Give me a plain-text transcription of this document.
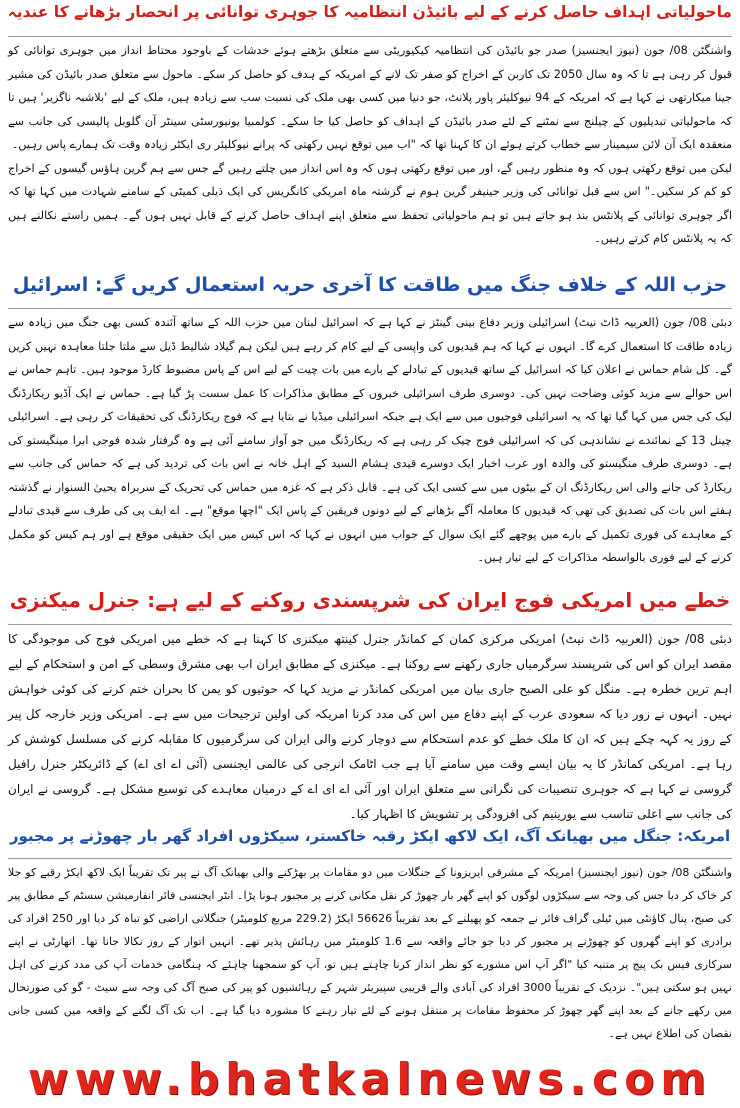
ماحولیاتی اہداف حاصل کرنے کے لیے بائیڈن انتظامیہ کا جوہری توانائی پر انحصار بڑھانے کا عندیہ

واشنگٹن 08/ جون (نیوز ایجنسیز) صدر جو بائیڈن کی انتظامیہ کیکیوریٹی سے متعلق بڑھتے ہوئے خدشات کے باوجود محتاط انداز میں جوہری توانائی کو قبول کر رہی ہے تا کہ وہ سال 2050 تک کاربن کے اخراج کو صفر تک لانے کے امریکہ کے ہدف کو حاصل کر سکے۔ ماحول سے متعلق صدر بائیڈن کی مشیر جینا میکارتھی نے کہا ہے کہ امریکہ کے 94 نیوکلیئر پاور پلانٹ، جو دنیا میں کسی بھی ملک کی نسبت سب سے زیادہ ہیں، ملک کے لیے 'بلاشبہ ناگزیر' ہیں تا کہ ماحولیاتی تبدیلیوں کے چیلنج سے نمٹنے کے لئے صدر بائیڈن کے اہداف کو حاصل کیا جا سکے۔ کولمبیا یونیورسٹی سینٹر آن گلوبل پالیسی کی جانب سے منعقدہ ایک آن لائن سیمینار سے خطاب کرتے ہوئے ان کا کہنا تھا کہ "اب میں توقع نہیں رکھتی کہ پرانے نیوکلیئر ری ایکٹر زیادہ وقت تک ہمارے پاس رہیں۔

لیکن میں توقع رکھتی ہوں کہ وہ منظور رہیں گے، اور میں توقع رکھتی ہوں کہ وہ اس انداز میں چلتے رہیں گے جس سے ہم گرین ہاؤس گیسوں کے اخراج کو کم کر سکیں۔" اس سے قبل توانائی کی وزیر جینیفر گرین ہوم نے گزشتہ ماہ امریکی کانگریس کی ایک ذیلی کمیٹی کے سامنے شہادت میں کہا تھا کہ اگر جوہری توانائی کے پلانٹس بند ہو جاتے ہیں تو ہم ماحولیاتی تحفظ سے متعلق اپنے اہداف حاصل کرنے کے قابل نہیں ہوں گے۔ ہمیں راستے نکالنے ہیں کہ یہ پلانٹس کام کرتے رہیں۔

حزب اللہ کے خلاف جنگ میں طاقت کا آخری حربہ استعمال کریں گے: اسرائیل

دبئی 08/ جون (العربیہ ڈاٹ نیٹ) اسرائیلی وزیر دفاع بینی گینٹز نے کہا ہے کہ اسرائیل لبنان میں حزب اللہ کے ساتھ آئندہ کسی بھی جنگ میں زیادہ سے زیادہ طاقت کا استعمال کرے گا۔ انہوں نے کہا کہ ہم قیدیوں کی واپسی کے لیے کام کر رہے ہیں لیکن ہم گیلاد شالیط ڈیل سے ملتا جلتا معاہدہ نہیں کریں گے۔ کل شام حماس نے اعلان کیا کہ اسرائیل کے ساتھ قیدیوں کے تبادلے کے بارے میں بات چیت کے لیے اس کے پاس مضبوط کارڈ موجود ہیں۔ تاہم حماس نے اس حوالے سے مزید کوئی وضاحت نہیں کی۔ دوسری طرف اسرائیلی خبروں کے مطابق مذاکرات کا عمل سست پڑ گیا ہے۔ حماس نے ایک آڈیو ریکارڈنگ لیک کی جس میں کہا گیا تھا کہ یہ اسرائیلی فوجیوں میں سے ایک ہے جبکہ اسرائیلی میڈیا نے بتایا ہے کہ فوج ریکارڈنگ کی تحقیقات کر رہی ہے۔ اسرائیلی چینل 13 کے نمائندے نے نشاندہی کی کہ اسرائیلی فوج چیک کر رہی ہے کہ ریکارڈنگ میں جو آواز سامنے آئی ہے وہ گرفتار شدہ فوجی ابرا مینگیستو کی ہے۔ دوسری طرف منگیستو کی والدہ اور عرب اخبار ایک دوسرے قیدی ہشام السید کے اہل خانہ نے اس بات کی تردید کی ہے کہ حماس کی جانب سے ریکارڈ کی جانے والی اس ریکارڈنگ ان کے بیٹوں میں سے کسی ایک کی ہے۔ قابل ذکر ہے کہ غزہ میں حماس کی تحریک کے سربراہ یحییٰ السنوار نے گذشتہ ہفتے اس بات کی تصدیق کی تھی کہ قیدیوں کا معاملہ آگے بڑھانے کے لیے دونوں فریقین کے پاس ایک "اچھا موقع" ہے۔ اے ایف پی کی طرف سے قیدی تبادلے کے معاہدے کی فوری تکمیل کے بارے میں پوچھے گئے ایک سوال کے جواب میں انہوں نے کہا کہ اس کیس میں ایک حقیقی موقع ہے اور ہم کیس کو مکمل کرنے کے لیے فوری بالواسطہ مذاکرات کے لیے تیار ہیں۔

خطے میں امریکی فوج ایران کی شرپسندی روکنے کے لیے ہے: جنرل میکنزی

دبئی 08/ جون (العربیہ ڈاٹ نیٹ) امریکی مرکزی کمان کے کمانڈر جنرل کینتھ میکنزی کا کہنا ہے کہ خطے میں امریکی فوج کی موجودگی کا مقصد ایران کو اس کی شرپسند سرگرمیاں جاری رکھنے سے روکنا ہے۔ میکنزی کے مطابق ایران اب بھی مشرق وسطی کے امن و استحکام کے لیے اہم ترین خطرہ ہے۔ منگل کو علی الصبح جاری بیان میں امریکی کمانڈر نے مزید کہا کہ حوثیوں کو یمن کا بحران ختم کرنے کی کوئی خواہش نہیں۔ انہوں نے زور دیا کہ سعودی عرب کے اپنے دفاع میں اس کی مدد کرنا امریکہ کی اولین ترجیحات میں سے ہے۔ امریکی وزیر خارجہ کل پیر کے روز یہ کہہ چکے ہیں کہ ان کا ملک خطے کو عدم استحکام سے دوچار کرنے والی ایران کی سرگرمیوں کا مقابلہ کرنے کی مسلسل کوشش کر رہا ہے۔ امریکی کمانڈر کا یہ بیان ایسے وقت میں سامنے آیا ہے جب اٹامک انرجی کی عالمی ایجنسی (آئی اے ای اے) کے ڈائریکٹر جنرل رافیل گروسی نے کہا ہے کہ جوہری تنصیبات کی نگرانی سے متعلق ایران اور آئی اے ای اے کے درمیان معاہدے کی توسیع مشکل ہے۔ گروسی نے ایران کی جانب سے اعلی تناسب سے یورینیم کی افزودگی پر تشویش کا اظہار کیا۔

امریکہ: جنگل میں بھیانک آگ، ایک لاکھ ایکڑ رقبہ خاکستر، سیکڑوں افراد گھر بار چھوڑنے پر مجبور

واشنگٹن 08/ جون (نیوز ایجنسیز) امریکہ کے مشرقی ایریزونا کے جنگلات میں دو مقامات پر بھڑکنے والی بھیانک آگ نے پیر تک تقریباً ایک لاکھ ایکڑ رقبے کو جلا کر خاک کر دیا جس کی وجہ سے سیکڑوں لوگوں کو اپنے گھر بار چھوڑ کر نقل مکانی کرنے پر مجبور ہونا پڑا۔ انٹر ایجنسی فائر انفارمیشن سسٹم کے مطابق پیر کی صبح، پنال کاؤنٹی میں ٹیلی گراف فائر نے جمعہ کو پھیلنے کے بعد تقریباً 56626 ایکڑ (229.2 مربع کلومیٹر) جنگلاتی اراضی کو تباہ کر دیا اور 250 افراد کی برادری کو اپنے گھروں کو چھوڑنے پر مجبور کر دیا جو جائے واقعہ سے 1.6 کلومیٹر میں رہائش پذیر تھے۔ انہیں اتوار کے روز نکالا جانا تھا۔ اتھارٹی نے اپنے سرکاری فیس بک پیج پر متنبہ کیا "اگر آپ اس مشورے کو نظر انداز کرنا چاہتے ہیں تو، آپ کو سمجھنا چاہئے کہ ہنگامی خدمات آپ کی مدد کرنے کی اہل نہیں ہو سکتی ہیں"۔ نزدیک کے تقریباً 3000 افراد کی آبادی والے قریبی سپیریئر شہر کے رہائشیوں کو پیر کی صبح آگ کی وجہ سے سیٹ - گو کی صورتحال میں رکھے جانے کے بعد اپنے گھر چھوڑ کر محفوظ مقامات پر منتقل ہونے کے لئے تیار رہنے کا مشورہ دیا گیا ہے۔ اب تک آگ لگنے کے واقعہ میں کسی جانی نقصان کی اطلاع نہیں ہے۔

www.bhatkalnews.com
